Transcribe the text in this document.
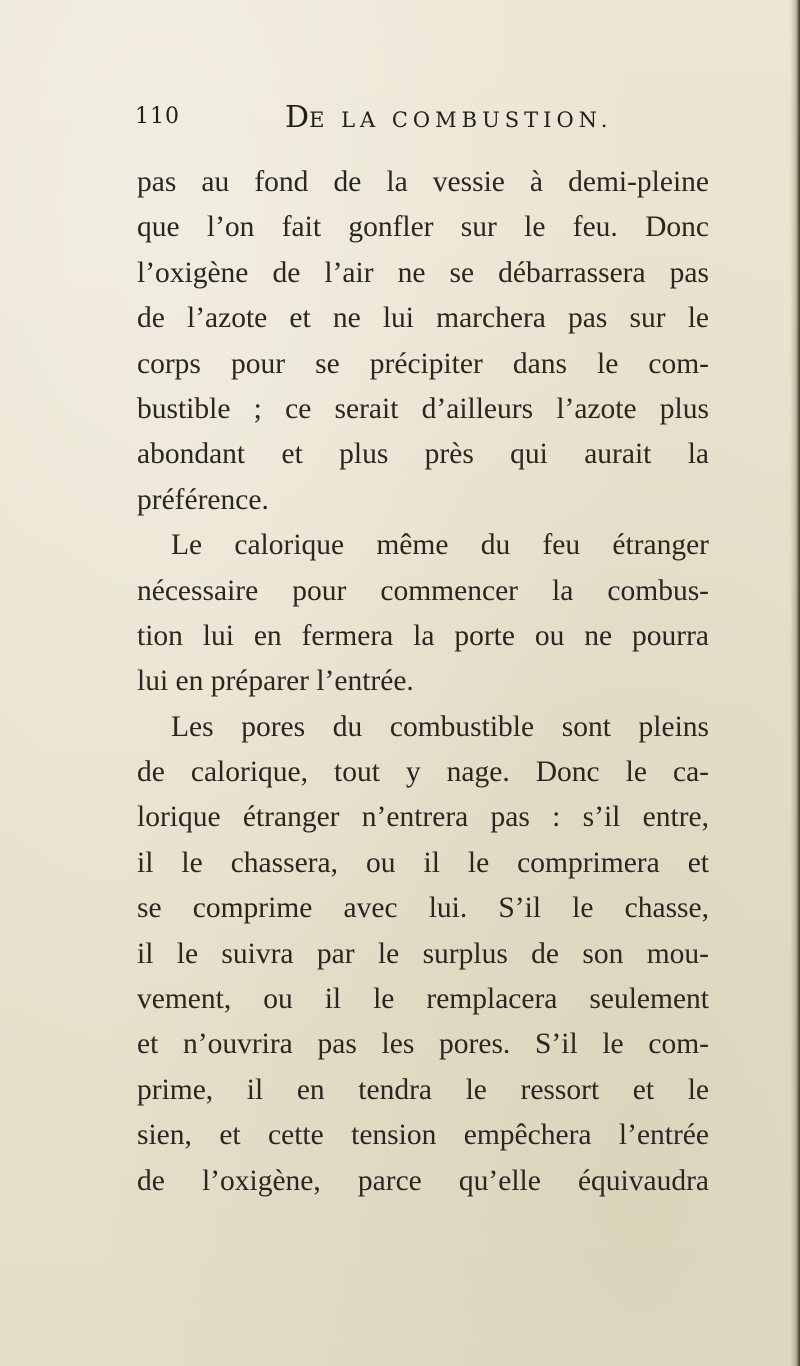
110	DE LA COMBUSTION.
pas au fond de la vessie à demi-pleine
que l’on fait gonfler sur le feu. Donc
l’oxigène de l’air ne se débarrassera pas
de l’azote et ne lui marchera pas sur le
corps pour se précipiter dans le com-
bustible ; ce serait d’ailleurs l’azote plus
abondant et plus près qui aurait la
préférence.
Le calorique même du feu étranger
nécessaire pour commencer la combus-
tion lui en fermera la porte ou ne pourra
lui en préparer l’entrée.
Les pores du combustible sont pleins
de calorique, tout y nage. Donc le ca-
lorique étranger n’entrera pas : s’il entre,
il le chassera, ou il le comprimera et
se comprime avec lui. S’il le chasse,
il le suivra par le surplus de son mou-
vement, ou il le remplacera seulement
et n’ouvrira pas les pores. S’il le com-
prime, il en tendra le ressort et le
sien, et cette tension empêchera l’entrée
de l’oxigène, parce qu’elle équivaudra
